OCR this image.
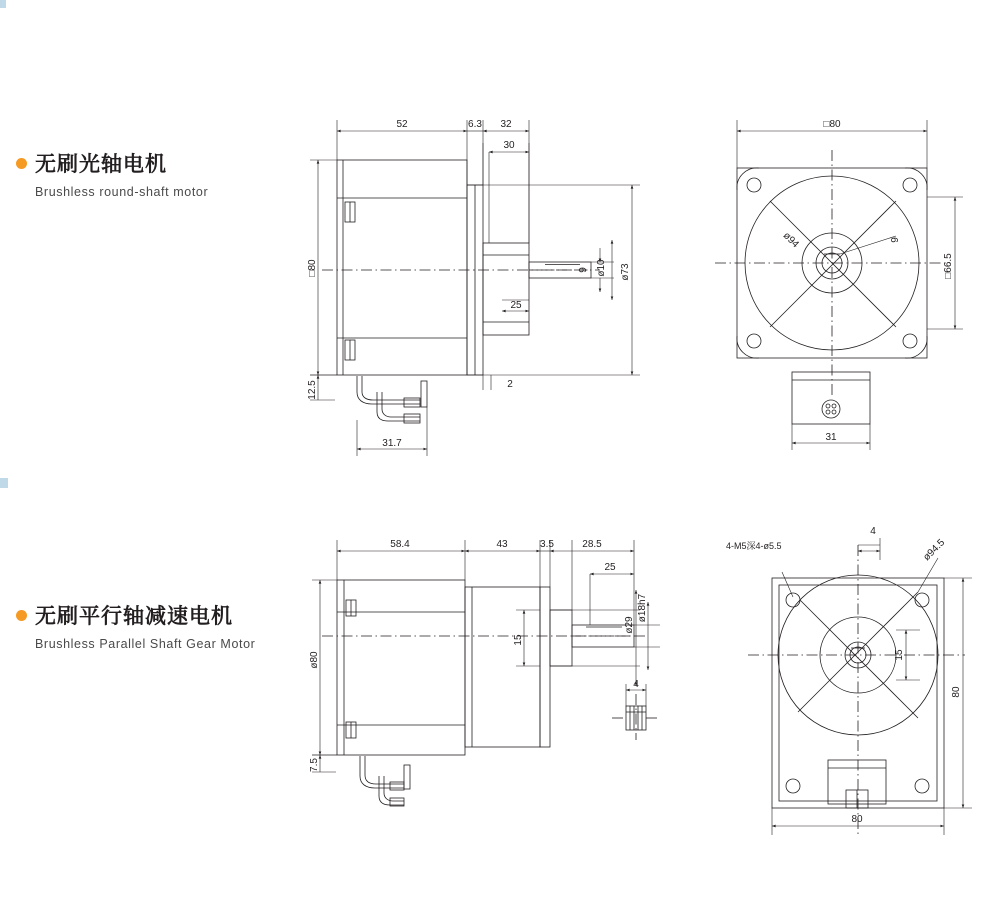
无刷光轴电机
Brushless round-shaft motor
无刷平行轴减速电机
Brushless Parallel Shaft Gear Motor
52	6.3 32
30
□80
12.5
31.7
25
2
9 ø10 ø73
□80
ø94	9
□66.5
31
58.4	43	3.5	28.5
25
ø18h7
ø29
ø80
15
4
7.5
4-M5深4-ø5.5
4
ø94.5
15
80
80
